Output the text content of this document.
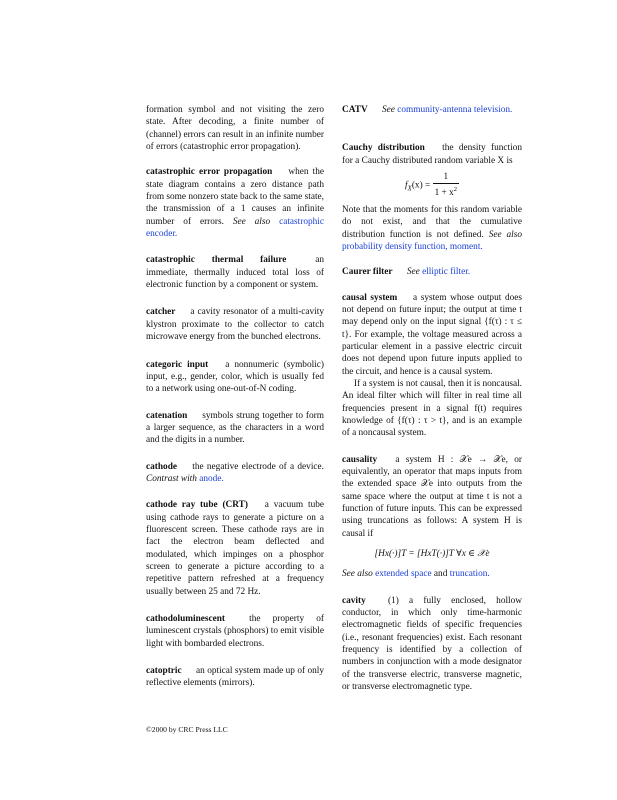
formation symbol and not visiting the zero state. After decoding, a finite number of (channel) errors can result in an infinite number of errors (catastrophic error propagation).
catastrophic error propagation when the state diagram contains a zero distance path from some nonzero state back to the same state, the transmission of a 1 causes an infinite number of errors. See also catastrophic encoder.
catastrophic thermal failure	an immediate, thermally induced total loss of electronic function by a component or system.
catcher a cavity resonator of a multi-cavity klystron proximate to the collector to catch microwave energy from the bunched electrons.
categoric input a nonnumeric (symbolic) input, e.g., gender, color, which is usually fed to a network using one-out-of-N coding.
catenation symbols strung together to form a larger sequence, as the characters in a word and the digits in a number.
cathode the negative electrode of a device. Contrast with anode.
cathode ray tube (CRT) a vacuum tube using cathode rays to generate a picture on a fluorescent screen. These cathode rays are in fact the electron beam deflected and modulated, which impinges on a phosphor screen to generate a picture according to a repetitive pattern refreshed at a frequency usually between 25 and 72 Hz.
cathodoluminescent	the property of luminescent crystals (phosphors) to emit visible light with bombarded electrons.
catoptric an optical system made up of only reflective elements (mirrors).
CATV See community-antenna television.
Cauchy distribution the density function for a Cauchy distributed random variable X is
$f_X(x) = \frac{1}{1 + x^2}$
Note that the moments for this random variable do not exist, and that the cumulative distribution function is not defined. See also probability density function, moment.
Caurer filter See elliptic filter.
causal system a system whose output does not depend on future input; the output at time t may depend only on the input signal {f(τ) : τ ≤ t}. For example, the voltage measured across a particular element in a passive electric circuit does not depend upon future inputs applied to the circuit, and hence is a causal system.
If a system is not causal, then it is noncausal. An ideal filter which will filter in real time all frequencies present in a signal f(t) requires knowledge of {f(τ) : τ > t}, and is an example of a noncausal system.
causality a system H : 𝒳e → 𝒳e, or equivalently, an operator that maps inputs from the extended space 𝒳e into outputs from the same space where the output at time t is not a function of future inputs. This can be expressed using truncations as follows: A system H is causal if
[Hx(·)]T = [HxT(·)]T ∀x ∈ 𝒳e
See also extended space and truncation.
cavity (1) a fully enclosed, hollow conductor, in which only time-harmonic electromagnetic fields of specific frequencies (i.e., resonant frequencies) exist. Each resonant frequency is identified by a collection of numbers in conjunction with a mode designator of the transverse electric, transverse magnetic, or transverse electromagnetic type.
©2000 by CRC Press LLC
